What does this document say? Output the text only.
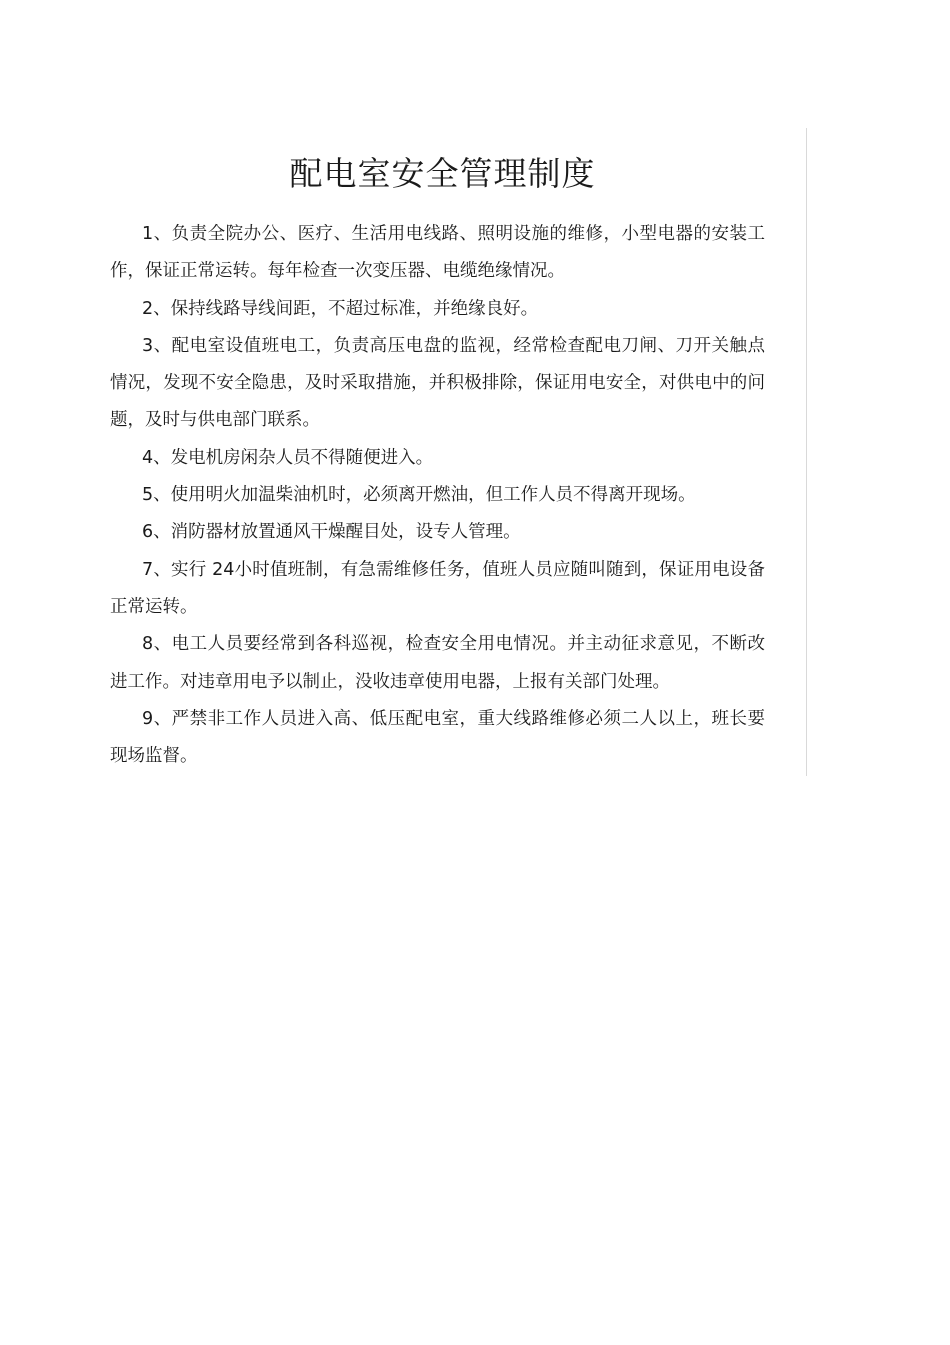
配电室安全管理制度

1、负责全院办公、医疗、生活用电线路、照明设施的维修，小型电器的安装工作，保证正常运转。每年检查一次变压器、电缆绝缘情况。

2、保持线路导线间距，不超过标准，并绝缘良好。

3、配电室设值班电工，负责高压电盘的监视，经常检查配电刀闸、刀开关触点情况，发现不安全隐患，及时采取措施，并积极排除，保证用电安全，对供电中的问题，及时与供电部门联系。

4、发电机房闲杂人员不得随便进入。

5、使用明火加温柴油机时，必须离开燃油，但工作人员不得离开现场。

6、消防器材放置通风干燥醒目处，设专人管理。

7、实行 24小时值班制，有急需维修任务，值班人员应随叫随到，保证用电设备正常运转。

8、电工人员要经常到各科巡视，检查安全用电情况。并主动征求意见，不断改进工作。对违章用电予以制止，没收违章使用电器，上报有关部门处理。

9、严禁非工作人员进入高、低压配电室，重大线路维修必须二人以上，班长要现场监督。
